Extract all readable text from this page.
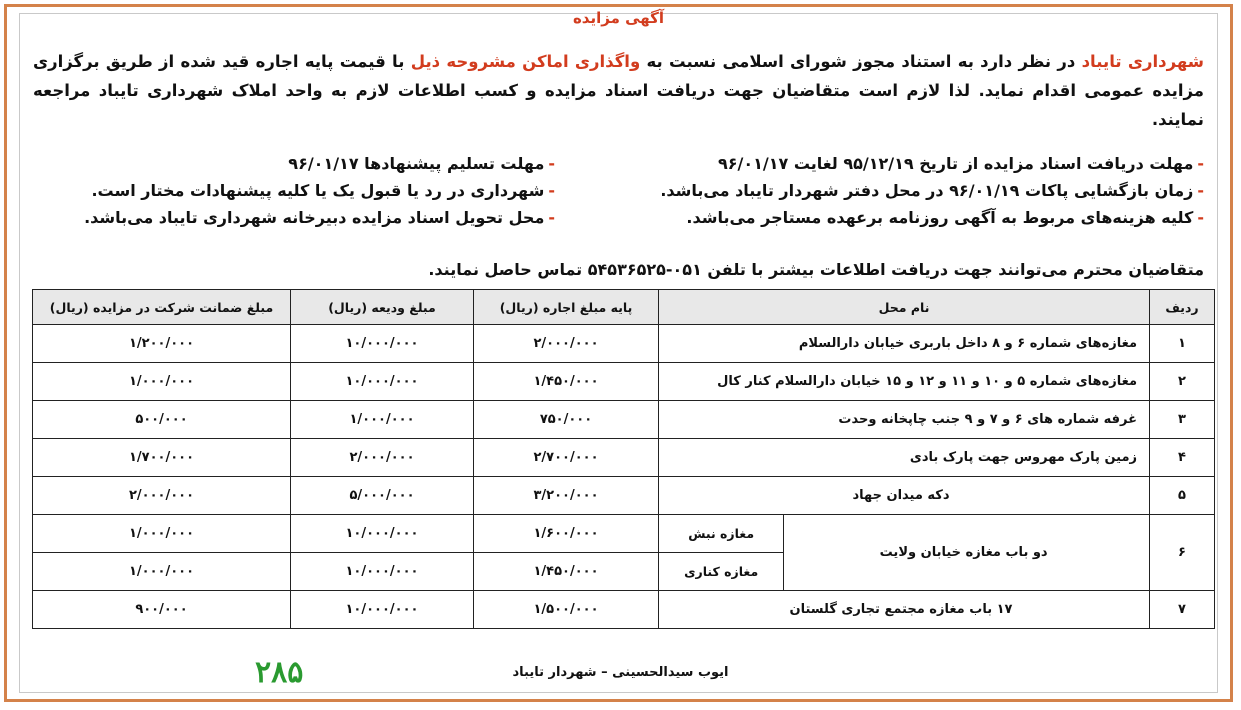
آگهی مزایده
شهرداری تایباد در نظر دارد به استناد مجوز شورای اسلامی نسبت به واگذاری اماکن مشروحه ذیل با قیمت پایه اجاره قید شده از طریق برگزاری مزایده عمومی اقدام نماید. لذا لازم است متقاضیان جهت دریافت اسناد مزایده و کسب اطلاعات لازم به واحد املاک شهرداری تایباد مراجعه نمایند.
-مهلت دریافت اسناد مزایده از تاریخ ۹۵/۱۲/۱۹ لغایت ۹۶/۰۱/۱۷
-زمان بازگشایی پاکات ۹۶/۰۱/۱۹ در محل دفتر شهردار تایباد می‌باشد.
-کلیه هزینه‌های مربوط به آگهی روزنامه برعهده مستاجر می‌باشد.
-مهلت تسلیم پیشنهادها ۹۶/۰۱/۱۷
-شهرداری در رد یا قبول یک یا کلیه پیشنهادات مختار است.
-محل تحویل اسناد مزایده دبیرخانه شهرداری تایباد می‌باشد.
متقاضیان محترم می‌توانند جهت دریافت اطلاعات بیشتر با تلفن ۰۵۱-۵۴۵۳۶۵۲۵ تماس حاصل نمایند.
ردیف	نام محل		پایه مبلغ اجاره (ریال)	مبلغ ودیعه (ریال)	مبلغ ضمانت شرکت در مزایده (ریال)
۱	مغازه‌های شماره ۶ و ۸ داخل باربری خیابان دارالسلام		۲/۰۰۰/۰۰۰	۱۰/۰۰۰/۰۰۰	۱/۲۰۰/۰۰۰
۲	مغازه‌های شماره ۵ و ۱۰ و ۱۱ و ۱۲ و ۱۵ خیابان دارالسلام کنار کال		۱/۴۵۰/۰۰۰	۱۰/۰۰۰/۰۰۰	۱/۰۰۰/۰۰۰
۳	غرفه شماره های ۶ و ۷ و ۹ جنب چاپخانه وحدت		۷۵۰/۰۰۰	۱/۰۰۰/۰۰۰	۵۰۰/۰۰۰
۴	زمین پارک مهروس جهت پارک بادی		۲/۷۰۰/۰۰۰	۲/۰۰۰/۰۰۰	۱/۷۰۰/۰۰۰
۵	دکه میدان جهاد		۳/۲۰۰/۰۰۰	۵/۰۰۰/۰۰۰	۲/۰۰۰/۰۰۰
۶	دو باب مغازه خیابان ولایت	مغازه نبش	۱/۶۰۰/۰۰۰	۱۰/۰۰۰/۰۰۰	۱/۰۰۰/۰۰۰
		مغازه کناری	۱/۴۵۰/۰۰۰	۱۰/۰۰۰/۰۰۰	۱/۰۰۰/۰۰۰
۷	۱۷ باب مغازه مجتمع تجاری گلستان		۱/۵۰۰/۰۰۰	۱۰/۰۰۰/۰۰۰	۹۰۰/۰۰۰
ایوب سیدالحسینی – شهردار تایباد
۲۸۵
